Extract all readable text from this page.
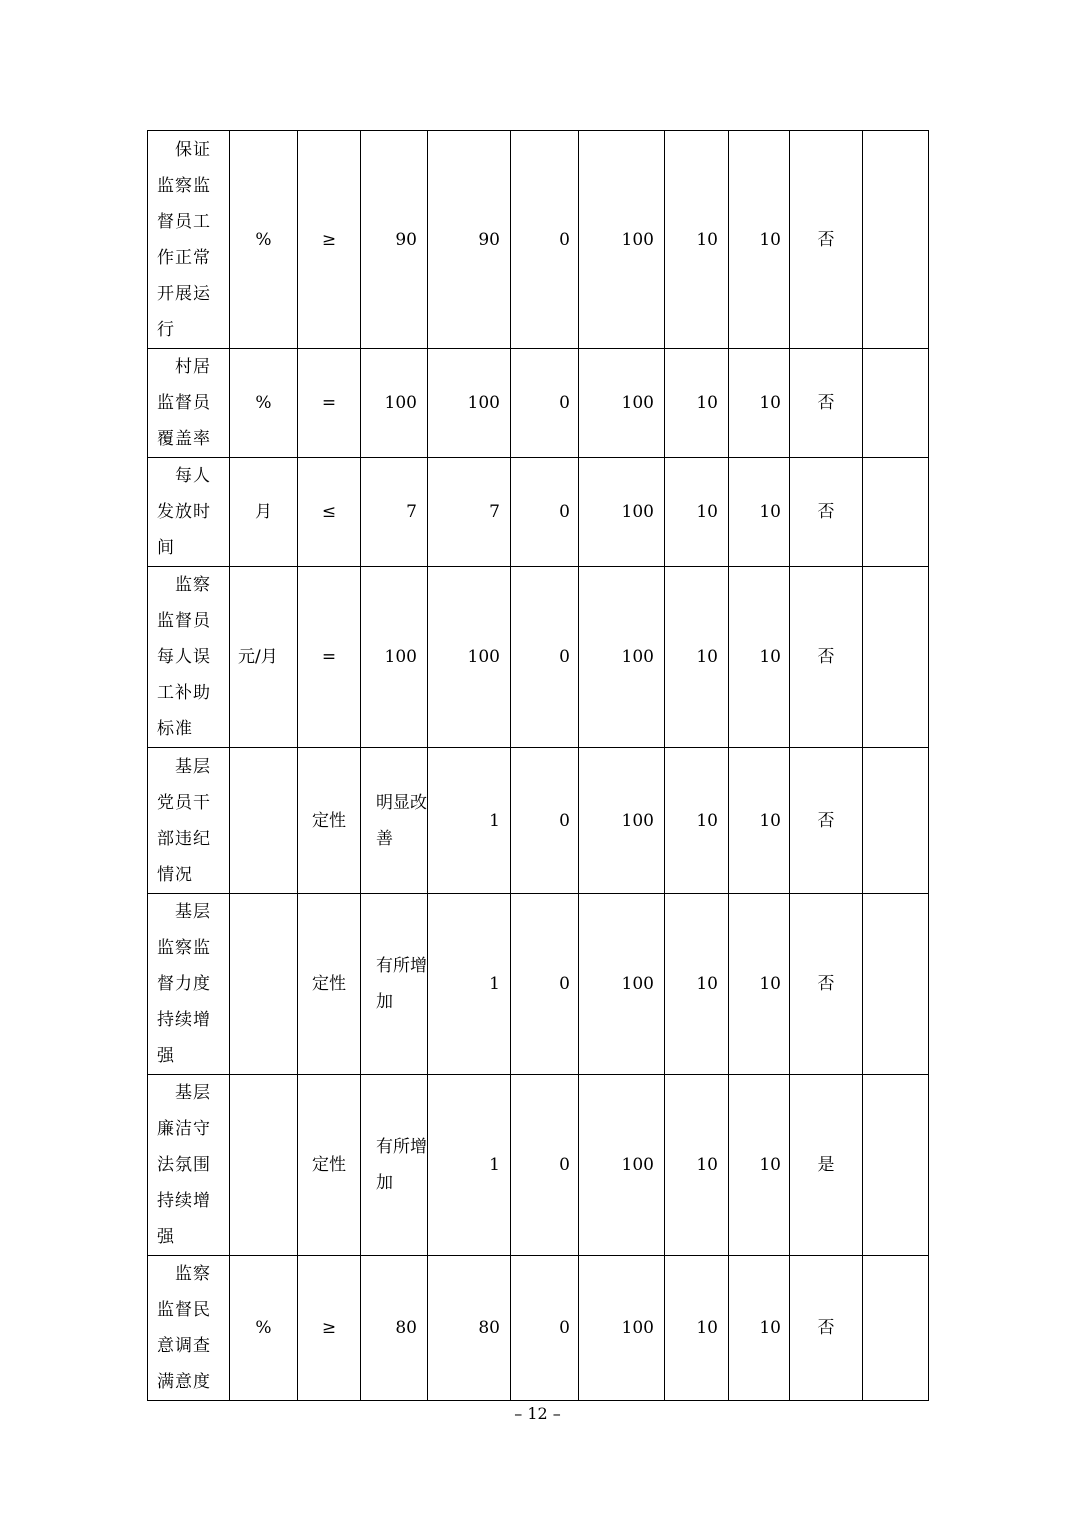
保证监察监督员工作正常开展运行	%	≥	90	90	0	100	10	10	否	
村居监督员覆盖率	%	=	100	100	0	100	10	10	否	
每人发放时间	月	≤	7	7	0	100	10	10	否	
监察监督员每人误工补助标准	元/月	=	100	100	0	100	10	10	否	
基层党员干部违纪情况		定性	明显改善	1	0	100	10	10	否	
基层监察监督力度持续增强		定性	有所增加	1	0	100	10	10	否	
基层廉洁守法氛围持续增强		定性	有所增加	1	0	100	10	10	是	
监察监督民意调查满意度	%	≥	80	80	0	100	10	10	否	
– 12 –
